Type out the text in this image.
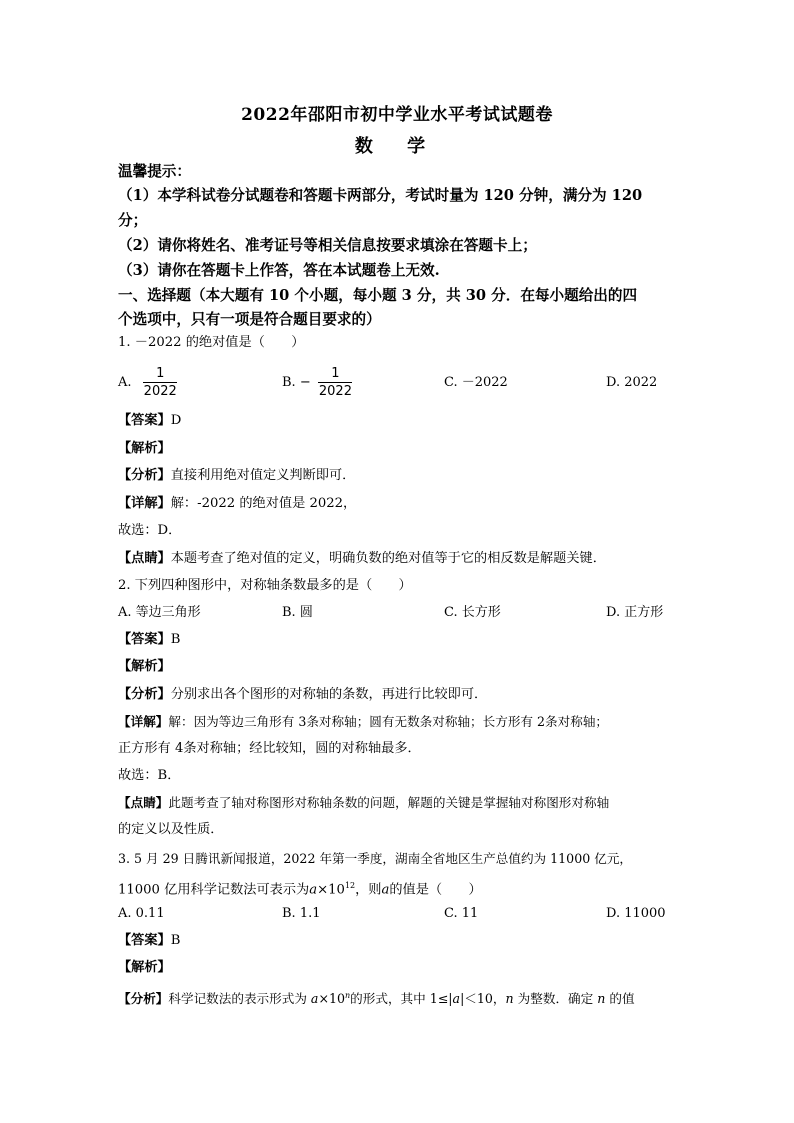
2022年邵阳市初中学业水平考试试题卷
数 学
温馨提示：
（1）本学科试卷分试题卷和答题卡两部分，考试时量为 120 分钟，满分为 120
分；
（2）请你将姓名、准考证号等相关信息按要求填涂在答题卡上；
（3）请你在答题卡上作答，答在本试题卷上无效.
一、选择题（本大题有 10 个小题，每小题 3 分，共 30 分．在每小题给出的四
个选项中，只有一项是符合题目要求的）
1. －2022 的绝对值是（　　）
A. $\frac{1}{2022}$	B. − $\frac{1}{2022}$	C. －2022	D. 2022
【答案】D
【解析】
【分析】直接利用绝对值定义判断即可．
【详解】解：-2022 的绝对值是 2022，
故选：D．
【点睛】本题考查了绝对值的定义，明确负数的绝对值等于它的相反数是解题关键．
2. 下列四种图形中，对称轴条数最多的是（　　）
A. 等边三角形	B. 圆	C. 长方形	D. 正方形
【答案】B
【解析】
【分析】分别求出各个图形的对称轴的条数，再进行比较即可．
【详解】解：因为等边三角形有 3条对称轴；圆有无数条对称轴；长方形有 2条对称轴；
正方形有 4条对称轴；经比较知，圆的对称轴最多．
故选：B．
【点睛】此题考查了轴对称图形对称轴条数的问题，解题的关键是掌握轴对称图形对称轴
的定义以及性质．
3. 5 月 29 日腾讯新闻报道，2022 年第一季度，湖南全省地区生产总值约为 11000 亿元，
11000 亿用科学记数法可表示为$a\times 10^{12}$，则a的值是（　　）
A. 0.11	B. 1.1	C. 11	D. 11000
【答案】B
【解析】
【分析】科学记数法的表示形式为 $a\times 10^n$的形式，其中 1≤|a|＜10，n 为整数．确定 n 的值
